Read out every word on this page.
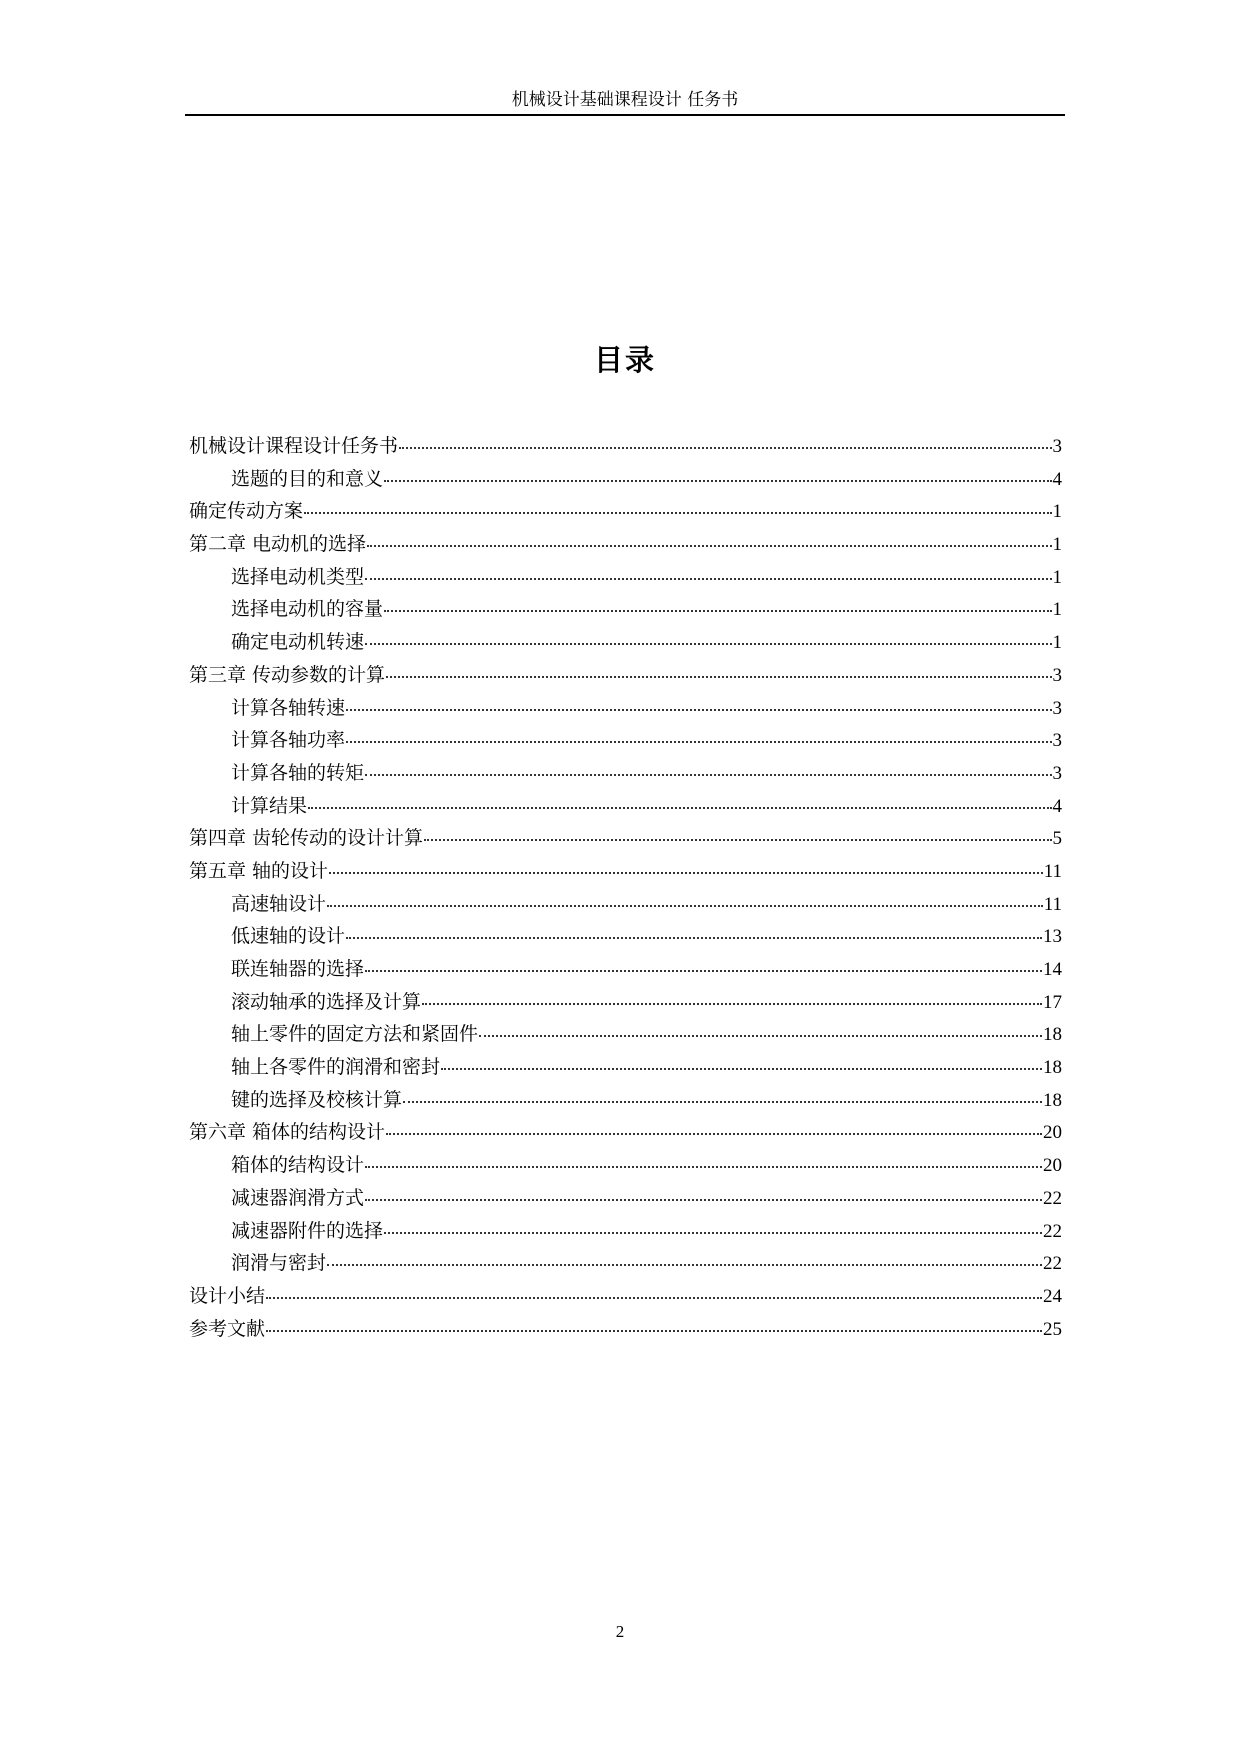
机械设计基础课程设计 任务书
目录
机械设计课程设计任务书	3
选题的目的和意义	4
确定传动方案	1
第二章 电动机的选择	1
选择电动机类型	1
选择电动机的容量	1
确定电动机转速	1
第三章 传动参数的计算	3
计算各轴转速	3
计算各轴功率	3
计算各轴的转矩	3
计算结果	4
第四章 齿轮传动的设计计算	5
第五章 轴的设计	11
高速轴设计	11
低速轴的设计	13
联连轴器的选择	14
滚动轴承的选择及计算	17
轴上零件的固定方法和紧固件	18
轴上各零件的润滑和密封	18
键的选择及校核计算	18
第六章 箱体的结构设计	20
箱体的结构设计	20
减速器润滑方式	22
减速器附件的选择	22
润滑与密封	22
设计小结	24
参考文献	25
2
